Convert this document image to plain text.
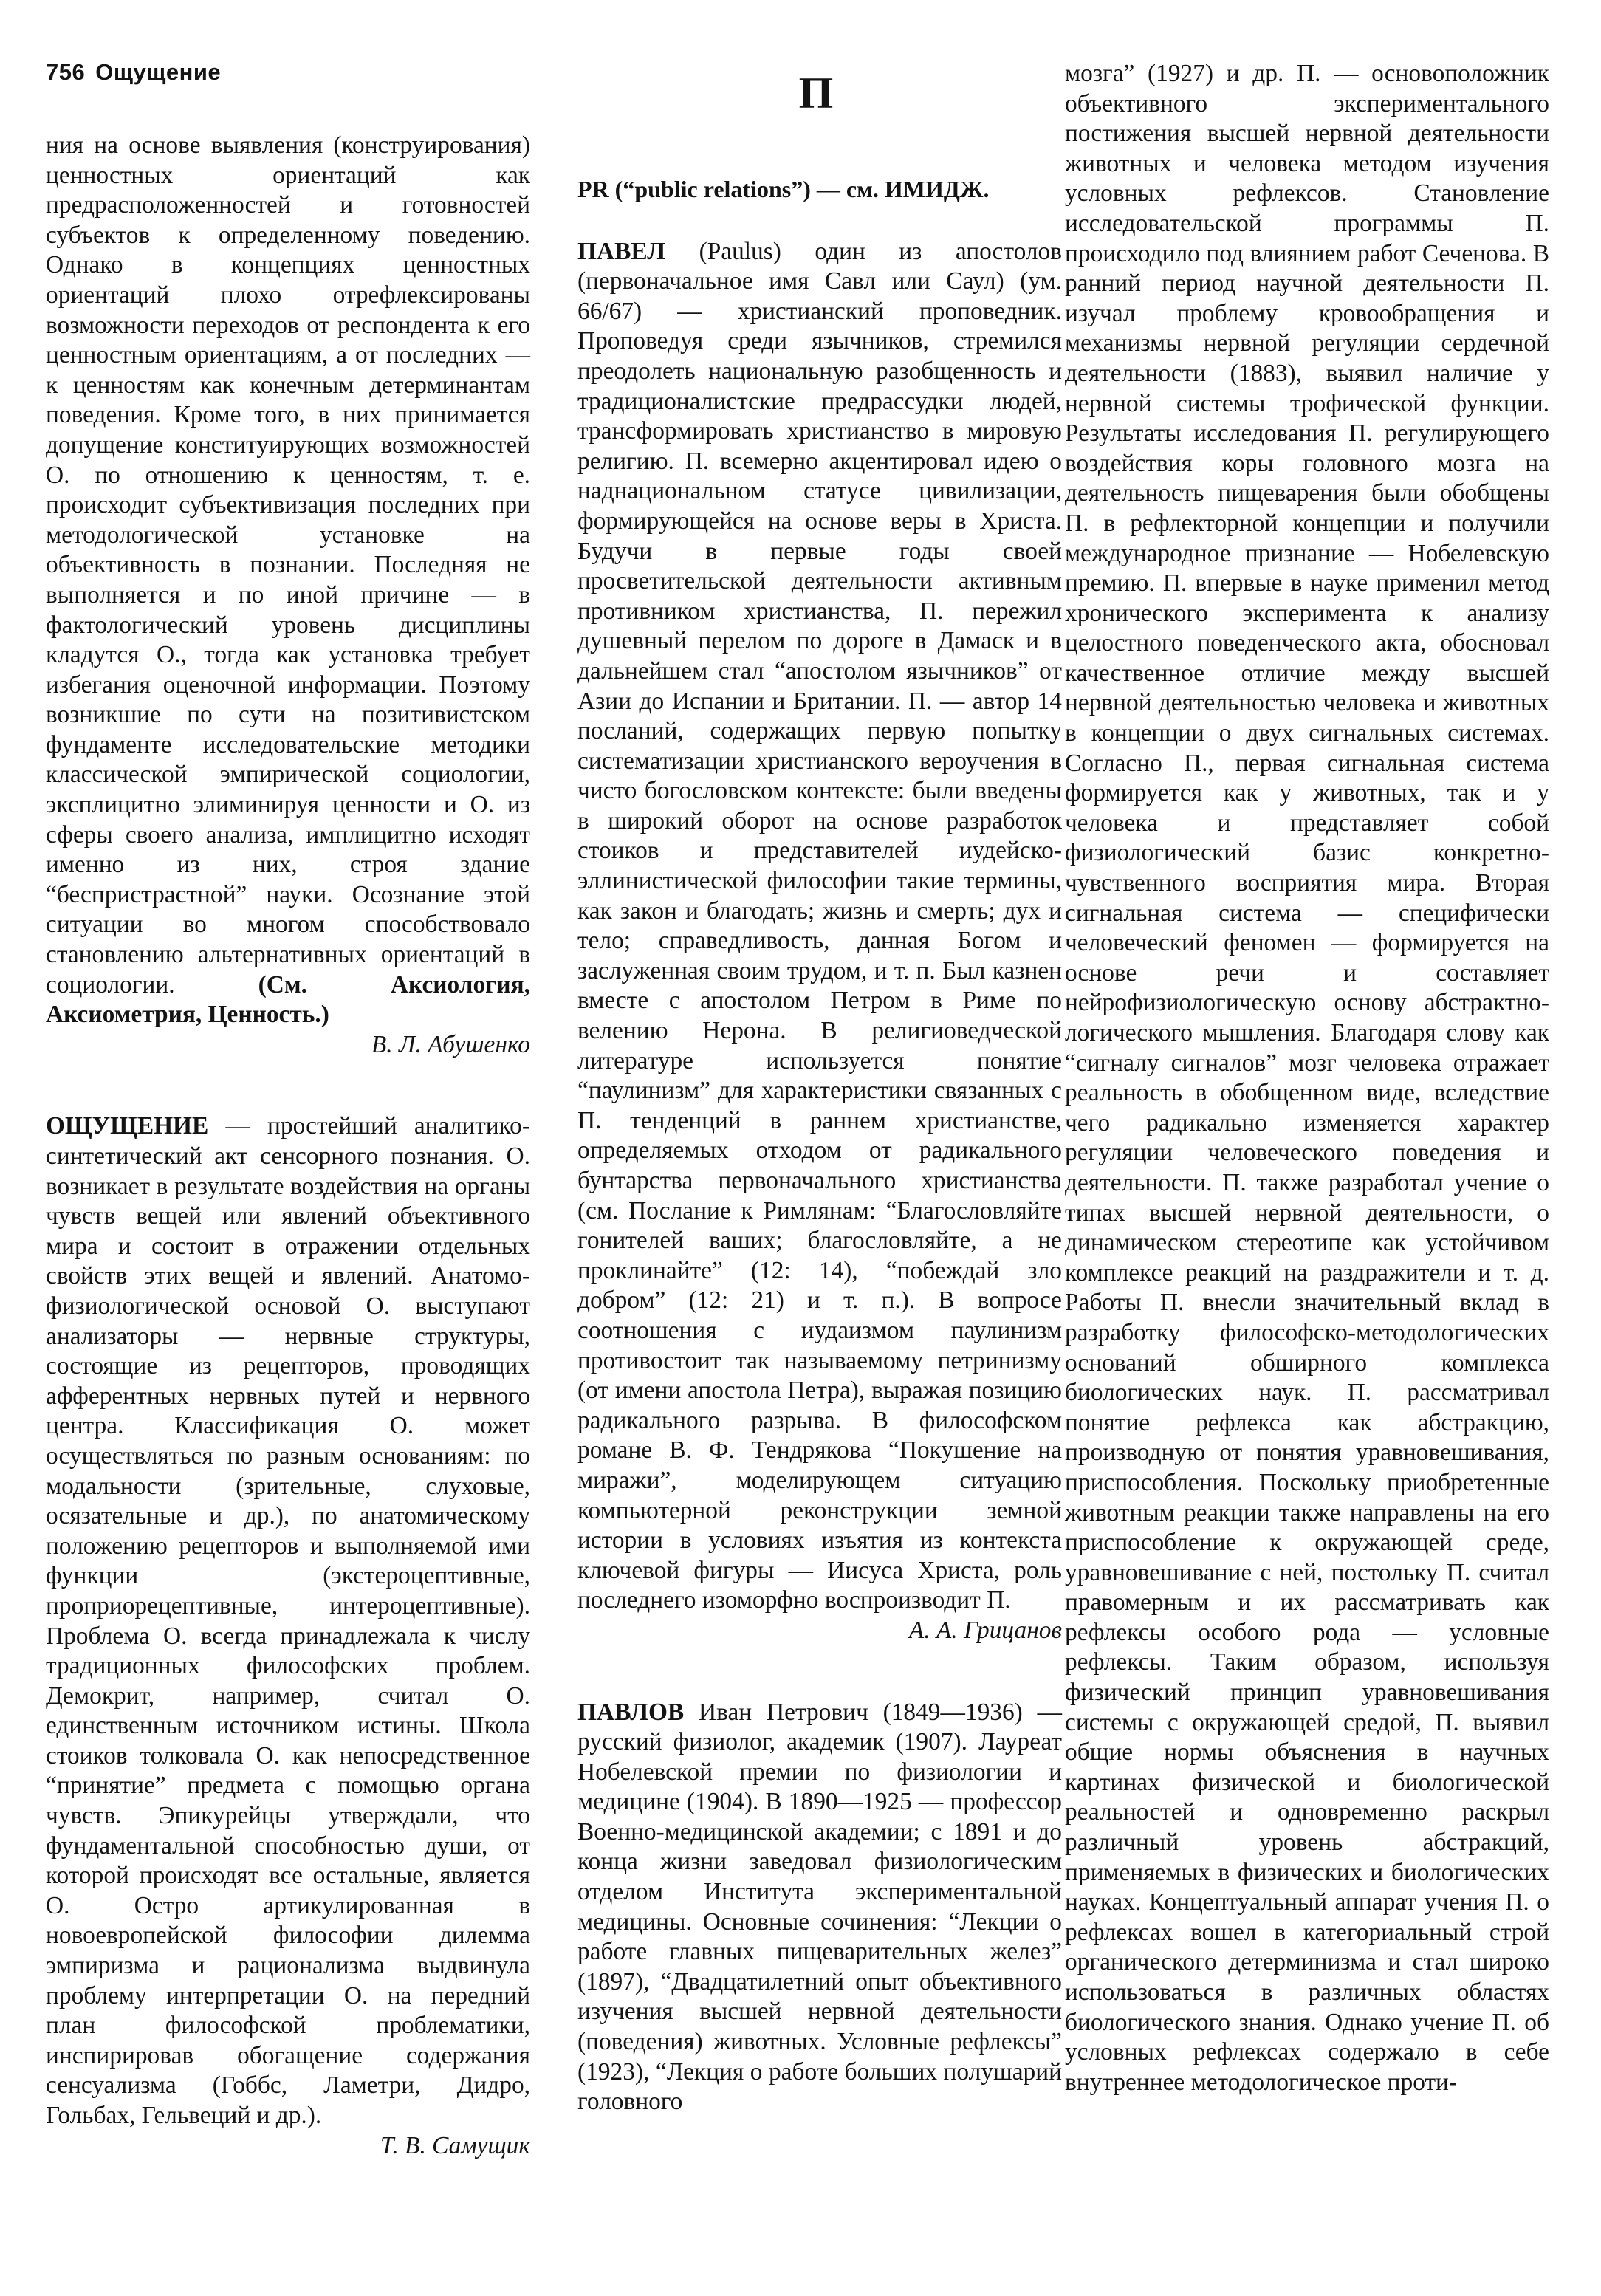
756 Ощущение	П

ния на основе выявления (конструирования) ценностных ориентаций как предрасположенностей и готовностей субъектов к определенному поведению. Однако в концепциях ценностных ориентаций плохо отрефлексированы возможности переходов от респондента к его ценностным ориентациям, а от последних — к ценностям как конечным детерминантам поведения. Кроме того, в них принимается допущение конституирующих возможностей О. по отношению к ценностям, т. е. происходит субъективизация последних при методологической установке на объективность в познании. Последняя не выполняется и по иной причине — в фактологический уровень дисциплины кладутся О., тогда как установка требует избегания оценочной информации. Поэтому возникшие по сути на позитивистском фундаменте исследовательские методики классической эмпирической социологии, эксплицитно элиминируя ценности и О. из сферы своего анализа, имплицитно исходят именно из них, строя здание “беспристрастной” науки. Осознание этой ситуации во многом способствовало становлению альтернативных ориентаций в социологии. (См. Аксиология, Аксиометрия, Ценность.)

В. Л. Абушенко

ОЩУЩЕНИЕ — простейший аналитико-синтетический акт сенсорного познания. О. возникает в результате воздействия на органы чувств вещей или явлений объективного мира и состоит в отражении отдельных свойств этих вещей и явлений. Анатомо-физиологической основой О. выступают анализаторы — нервные структуры, состоящие из рецепторов, проводящих афферентных нервных путей и нервного центра. Классификация О. может осуществляться по разным основаниям: по модальности (зрительные, слуховые, осязательные и др.), по анатомическому положению рецепторов и выполняемой ими функции (экстероцептивные, проприорецептивные, интероцептивные). Проблема О. всегда принадлежала к числу традиционных философских проблем. Демокрит, например, считал О. единственным источником истины. Школа стоиков толковала О. как непосредственное “принятие” предмета с помощью органа чувств. Эпикурейцы утверждали, что фундаментальной способностью души, от которой происходят все остальные, является О. Остро артикулированная в новоевропейской философии дилемма эмпиризма и рационализма выдвинула проблему интерпретации О. на передний план философской проблематики, инспирировав обогащение содержания сенсуализма (Гоббс, Ламетри, Дидро, Гольбах, Гельвеций и др.).

Т. В. Самущик

PR (“public relations”) — см. ИМИДЖ.

ПАВЕЛ (Paulus) один из апостолов (первоначальное имя Савл или Саул) (ум. 66/67) — христианский проповедник. Проповедуя среди язычников, стремился преодолеть национальную разобщенность и традиционалистские предрассудки людей, трансформировать христианство в мировую религию. П. всемерно акцентировал идею о наднациональном статусе цивилизации, формирующейся на основе веры в Христа. Будучи в первые годы своей просветительской деятельности активным противником христианства, П. пережил душевный перелом по дороге в Дамаск и в дальнейшем стал “апостолом язычников” от Азии до Испании и Британии. П. — автор 14 посланий, содержащих первую попытку систематизации христианского вероучения в чисто богословском контексте: были введены в широкий оборот на основе разработок стоиков и представителей иудейско-эллинистической философии такие термины, как закон и благодать; жизнь и смерть; дух и тело; справедливость, данная Богом и заслуженная своим трудом, и т. п. Был казнен вместе с апостолом Петром в Риме по велению Нерона. В религиоведческой литературе используется понятие “паулинизм” для характеристики связанных с П. тенденций в раннем христианстве, определяемых отходом от радикального бунтарства первоначального христианства (см. Послание к Римлянам: “Благословляйте гонителей ваших; благословляйте, а не проклинайте” (12: 14), “побеждай зло добром” (12: 21) и т. п.). В вопросе соотношения с иудаизмом паулинизм противостоит так называемому петринизму (от имени апостола Петра), выражая позицию радикального разрыва. В философском романе В. Ф. Тендрякова “Покушение на миражи”, моделирующем ситуацию компьютерной реконструкции земной истории в условиях изъятия из контекста ключевой фигуры — Иисуса Христа, роль последнего изоморфно воспроизводит П.

А. А. Грицанов

ПАВЛОВ Иван Петрович (1849—1936) — русский физиолог, академик (1907). Лауреат Нобелевской премии по физиологии и медицине (1904). В 1890—1925 — профессор Военно-медицинской академии; с 1891 и до конца жизни заведовал физиологическим отделом Института экспериментальной медицины. Основные сочинения: “Лекции о работе главных пищеварительных желез” (1897), “Двадцатилетний опыт объективного изучения высшей нервной деятельности (поведения) животных. Условные рефлексы” (1923), “Лекция о работе больших полушарий головного

мозга” (1927) и др. П. — основоположник объективного экспериментального постижения высшей нервной деятельности животных и человека методом изучения условных рефлексов. Становление исследовательской программы П. происходило под влиянием работ Сеченова. В ранний период научной деятельности П. изучал проблему кровообращения и механизмы нервной регуляции сердечной деятельности (1883), выявил наличие у нервной системы трофической функции. Результаты исследования П. регулирующего воздействия коры головного мозга на деятельность пищеварения были обобщены П. в рефлекторной концепции и получили международное признание — Нобелевскую премию. П. впервые в науке применил метод хронического эксперимента к анализу целостного поведенческого акта, обосновал качественное отличие между высшей нервной деятельностью человека и животных в концепции о двух сигнальных системах. Согласно П., первая сигнальная система формируется как у животных, так и у человека и представляет собой физиологический базис конкретно-чувственного восприятия мира. Вторая сигнальная система — специфически человеческий феномен — формируется на основе речи и составляет нейрофизиологическую основу абстрактно-логического мышления. Благодаря слову как “сигналу сигналов” мозг человека отражает реальность в обобщенном виде, вследствие чего радикально изменяется характер регуляции человеческого поведения и деятельности. П. также разработал учение о типах высшей нервной деятельности, о динамическом стереотипе как устойчивом комплексе реакций на раздражители и т. д. Работы П. внесли значительный вклад в разработку философско-методологических оснований обширного комплекса биологических наук. П. рассматривал понятие рефлекса как абстракцию, производную от понятия уравновешивания, приспособления. Поскольку приобретенные животным реакции также направлены на его приспособление к окружающей среде, уравновешивание с ней, постольку П. считал правомерным и их рассматривать как рефлексы особого рода — условные рефлексы. Таким образом, используя физический принцип уравновешивания системы с окружающей средой, П. выявил общие нормы объяснения в научных картинах физической и биологической реальностей и одновременно раскрыл различный уровень абстракций, применяемых в физических и биологических науках. Концептуальный аппарат учения П. о рефлексах вошел в категориальный строй органического детерминизма и стал широко использоваться в различных областях биологического знания. Однако учение П. об условных рефлексах содержало в себе внутреннее методологическое проти-
